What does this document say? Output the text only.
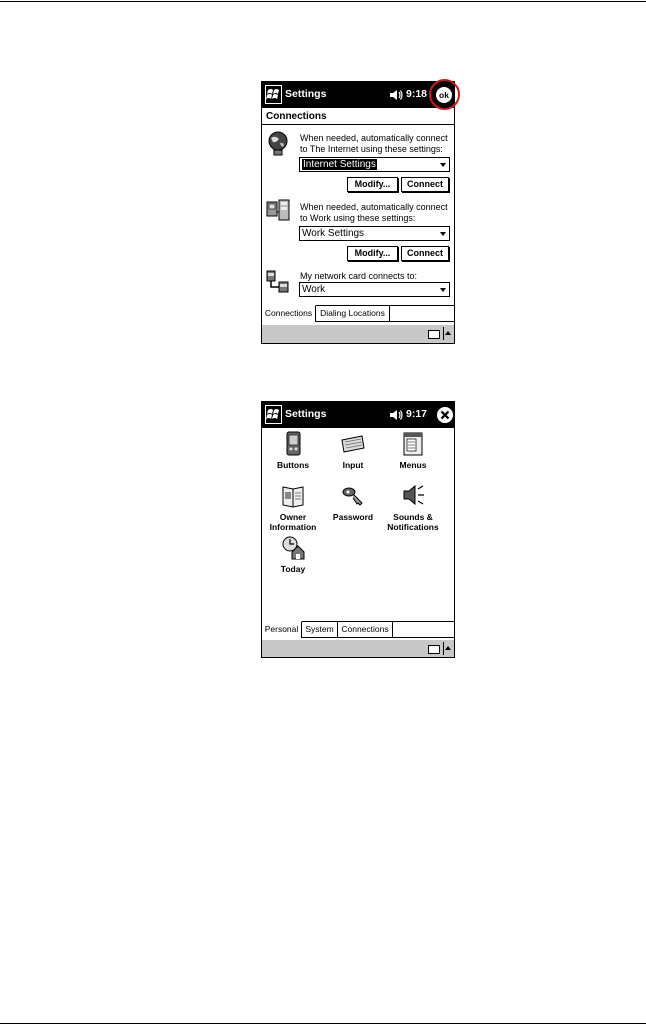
Settings	9:18	ok
Connections
When needed, automatically connect to The Internet using these settings:
Internet Settings
Modify...	Connect
When needed, automatically connect to Work using these settings:
Work Settings
Modify...	Connect
My network card connects to:
Work
Connections Dialing Locations
Settings	9:17
Buttons	Input	Menus
Owner
Information
Password	Sounds &
Notifications
Today
Personal System Connections
